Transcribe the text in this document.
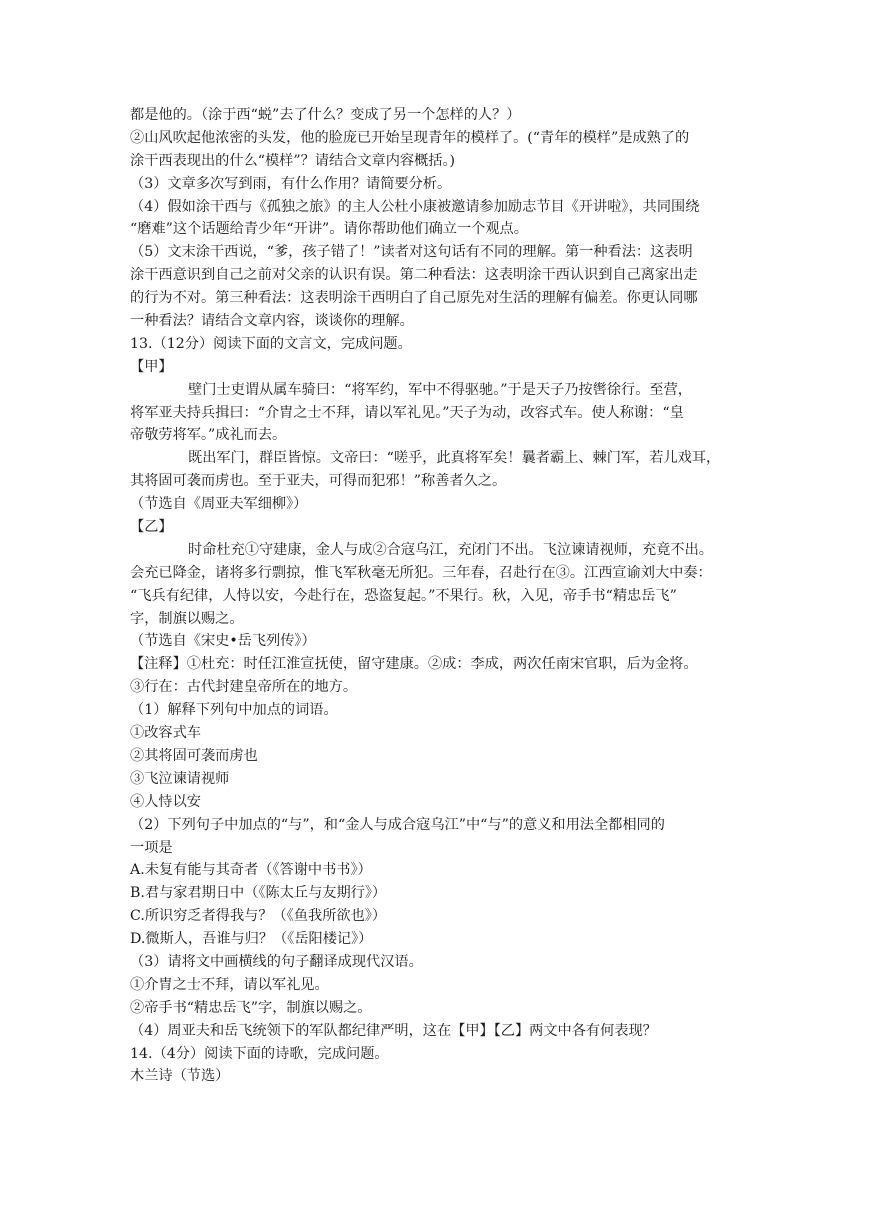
都是他的。（涂于西“蜕”去了什么？变成了另一个怎样的人？）
②山风吹起他浓密的头发，他的脸庞已开始呈现青年的模样了。(“青年的模样”是成熟了的
涂干西表现出的什么“模样”？请结合文章内容概括。)
（3）文章多次写到雨，有什么作用？请简要分析。
（4）假如涂干西与《孤独之旅》的主人公杜小康被邀请参加励志节目《开讲啦》，共同围绕
“磨难”这个话题给青少年“开讲”。请你帮助他们确立一个观点。
（5）文末涂干西说，“爹，孩子错了！”读者对这句话有不同的理解。第一种看法：这表明
涂干西意识到自己之前对父亲的认识有误。第二种看法：这表明涂干西认识到自己离家出走
的行为不对。第三种看法：这表明涂干西明白了自己原先对生活的理解有偏差。你更认同哪
一种看法？请结合文章内容，谈谈你的理解。
13.（12分）阅读下面的文言文，完成问题。
【甲】
壁门士吏谓从属车骑曰：“将军约，军中不得驱驰。”于是天子乃按辔徐行。至营，
将军亚夫持兵揖曰：“介胄之士不拜，请以军礼见。”天子为动，改容式车。使人称谢：“皇
帝敬劳将军。”成礼而去。
既出军门，群臣皆惊。文帝曰：“嗟乎，此真将军矣！曩者霸上、棘门军，若儿戏耳，
其将固可袭而虏也。至于亚夫，可得而犯邪！”称善者久之。
（节选自《周亚夫军细柳》）
【乙】
时命杜充①守建康，金人与成②合寇乌江，充闭门不出。飞泣谏请视师，充竟不出。
会充已降金，诸将多行剽掠，惟飞军秋毫无所犯。三年春，召赴行在③。江西宣谕刘大中奏：
“飞兵有纪律，人恃以安，今赴行在，恐盗复起。”不果行。秋，入见，帝手书“精忠岳飞”
字，制旗以赐之。
（节选自《宋史•岳飞列传》）
【注释】①杜充：时任江淮宣抚使，留守建康。②成：李成，两次任南宋官职，后为金将。
③行在：古代封建皇帝所在的地方。
（1）解释下列句中加点的词语。
①改容式车
②其将固可袭而虏也
③飞泣谏请视师
④人恃以安
（2）下列句子中加点的“与”，和“金人与成合寇乌江”中“与”的意义和用法全都相同的
一项是
A.未复有能与其奇者（《答谢中书书》）
B.君与家君期日中（《陈太丘与友期行》）
C.所识穷乏者得我与？（《鱼我所欲也》）
D.微斯人，吾谁与归？（《岳阳楼记》）
（3）请将文中画横线的句子翻译成现代汉语。
①介胄之士不拜，请以军礼见。
②帝手书“精忠岳飞”字，制旗以赐之。
（4）周亚夫和岳飞统领下的军队都纪律严明，这在【甲】【乙】两文中各有何表现？
14.（4分）阅读下面的诗歌，完成问题。
木兰诗（节选）
